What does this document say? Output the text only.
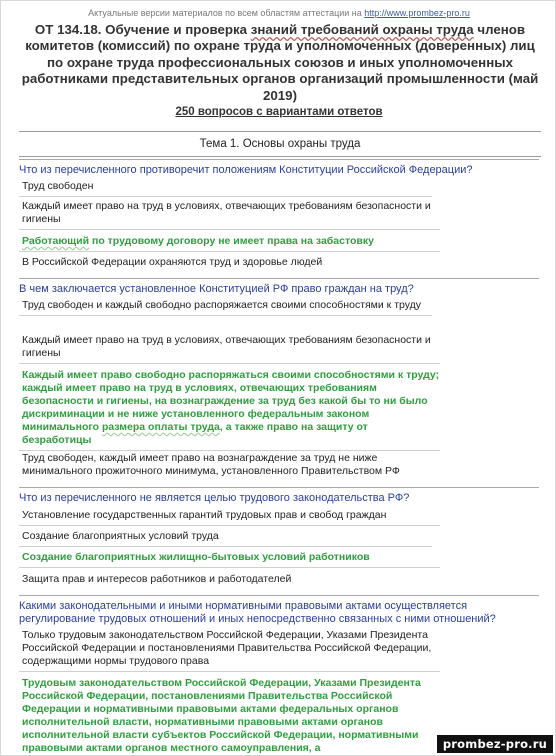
Актуальные версии материалов по всем областям аттестации на http://www.prombez-pro.ru
ОТ 134.18. Обучение и проверка знаний требований охраны труда членов комитетов (комиссий) по охране труда и уполномоченных (доверенных) лиц по охране труда профессиональных союзов и иных уполномоченных работниками представительных органов организаций промышленности (май 2019)
250 вопросов с вариантами ответов
Тема 1. Основы охраны труда
Что из перечисленного противоречит положениям Конституции Российской Федерации?
Труд свободен
Каждый имеет право на труд в условиях, отвечающих требованиям безопасности и гигиены
Работающий по трудовому договору не имеет права на забастовку
В Российской Федерации охраняются труд и здоровье людей
В чем заключается установленное Конституцией РФ право граждан на труд?
Труд свободен и каждый свободно распоряжается своими способностями к труду
Каждый имеет право на труд в условиях, отвечающих требованиям безопасности и гигиены
Каждый имеет право свободно распоряжаться своими способностями к труду; каждый имеет право на труд в условиях, отвечающих требованиям безопасности и гигиены, на вознаграждение за труд без какой бы то ни было дискриминации и не ниже установленного федеральным законом минимального размера оплаты труда, а также право на защиту от безработицы
Труд свободен, каждый имеет право на вознаграждение за труд не ниже минимального прожиточного минимума, установленного Правительством РФ
Что из перечисленного не является целью трудового законодательства РФ?
Установление государственных гарантий трудовых прав и свобод граждан
Создание благоприятных условий труда
Создание благоприятных жилищно-бытовых условий работников
Защита прав и интересов работников и работодателей
Какими законодательными и иными нормативными правовыми актами осуществляется регулирование трудовых отношений и иных непосредственно связанных с ними отношений?
Только трудовым законодательством Российской Федерации, Указами Президента Российской Федерации и постановлениями Правительства Российской Федерации, содержащими нормы трудового права
Трудовым законодательством Российской Федерации, Указами Президента Российской Федерации, постановлениями Правительства Российской Федерации и нормативными правовыми актами федеральных органов исполнительной власти, нормативными правовыми актами органов исполнительной власти субъектов Российской Федерации, нормативными правовыми актами органов местного самоуправления, а	prombez-pro.ru
